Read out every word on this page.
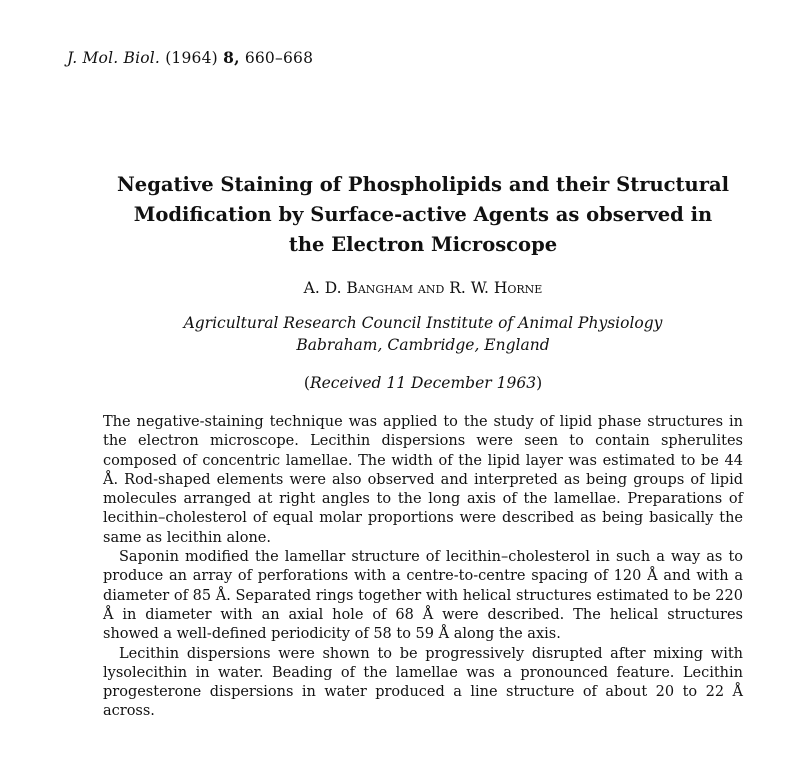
J. Mol. Biol. (1964) 8, 660–668
Negative Staining of Phospholipids and their Structural
Modification by Surface-active Agents as observed in
the Electron Microscope
A. D. Bangham and R. W. Horne
Agricultural Research Council Institute of Animal Physiology
Babraham, Cambridge, England
(Received 11 December 1963)

The negative-staining technique was applied to the study of lipid phase structures in the electron microscope. Lecithin dispersions were seen to contain spherulites composed of concentric lamellae. The width of the lipid layer was estimated to be 44 Å. Rod-shaped elements were also observed and interpreted as being groups of lipid molecules arranged at right angles to the long axis of the lamellae. Preparations of lecithin–cholesterol of equal molar proportions were described as being basically the same as lecithin alone.

Saponin modified the lamellar structure of lecithin–cholesterol in such a way as to produce an array of perforations with a centre-to-centre spacing of 120 Å and with a diameter of 85 Å. Separated rings together with helical structures estimated to be 220 Å in diameter with an axial hole of 68 Å were described. The helical structures showed a well-defined periodicity of 58 to 59 Å along the axis.

Lecithin dispersions were shown to be progressively disrupted after mixing with lysolecithin in water. Beading of the lamellae was a pronounced feature. Lecithin progesterone dispersions in water produced a line structure of about 20 to 22 Å across.
